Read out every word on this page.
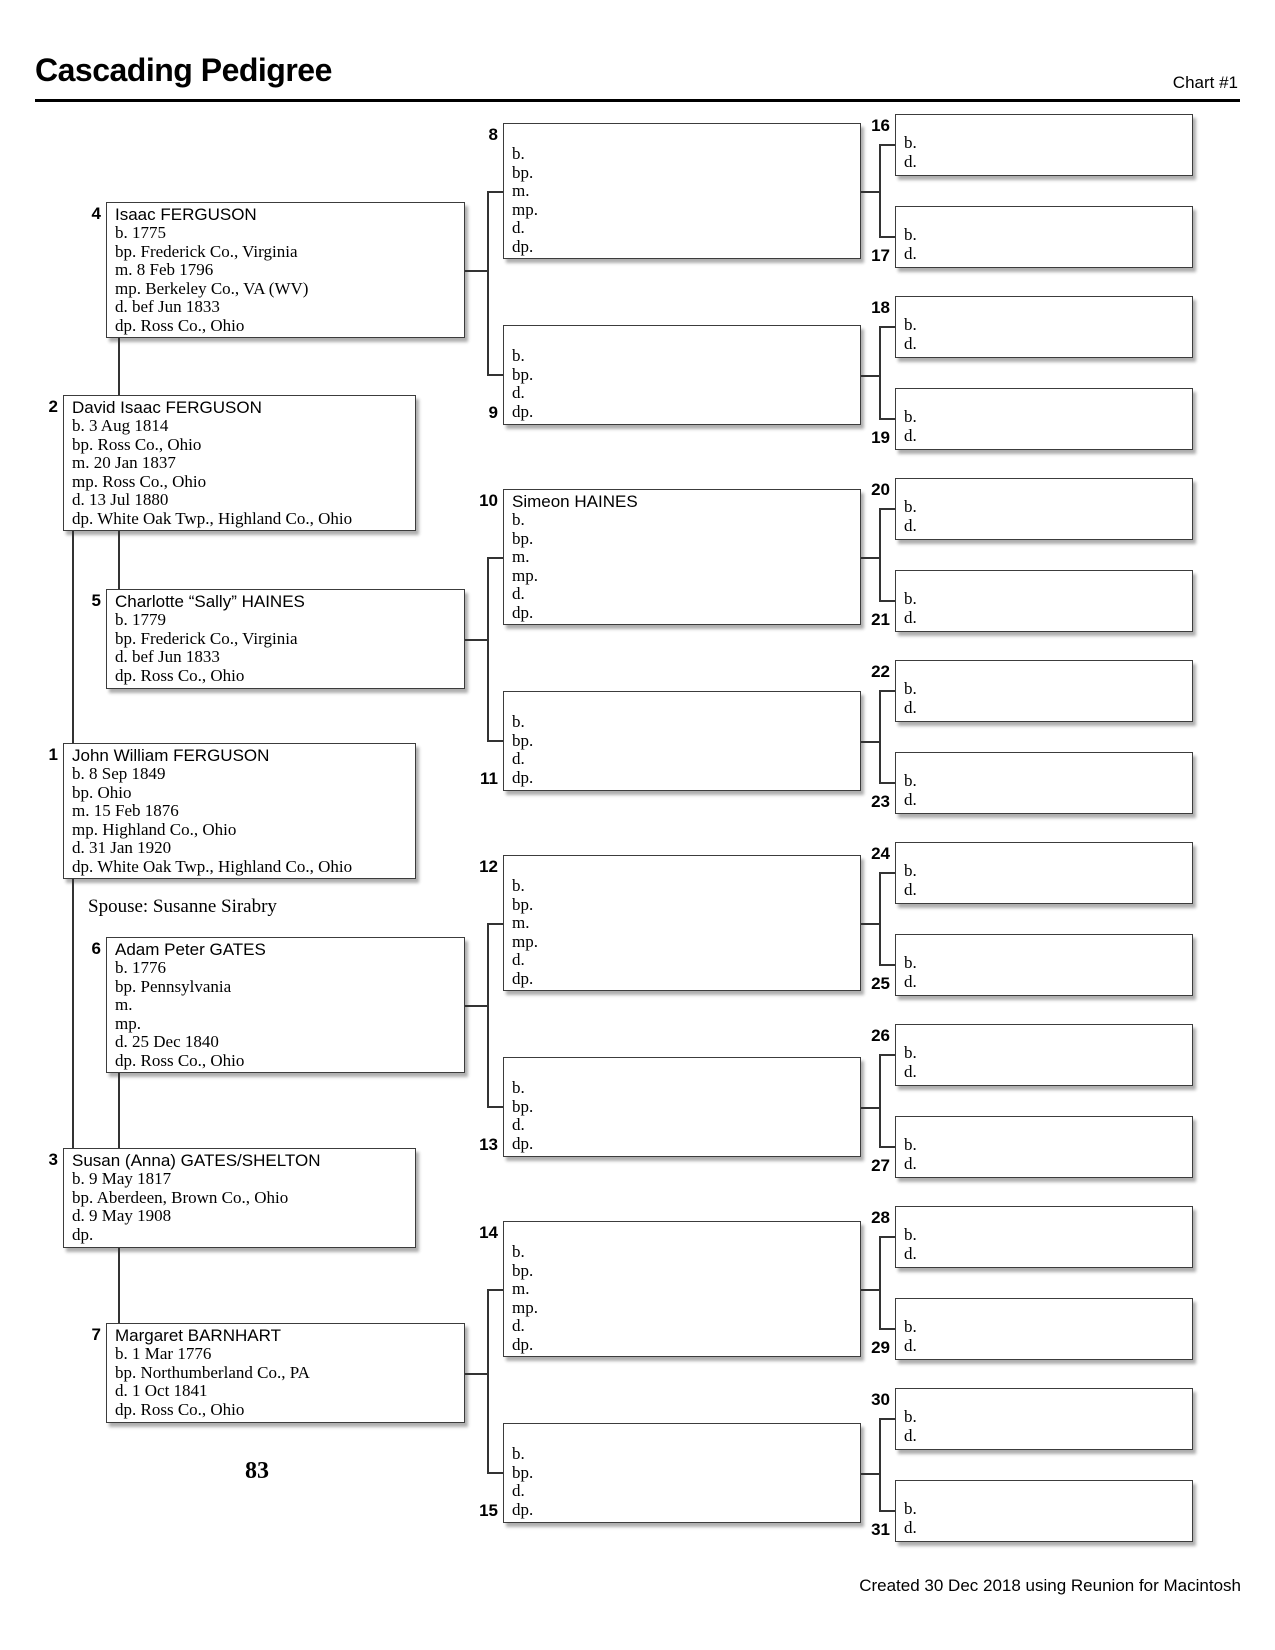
Cascading Pedigree	Chart #1
John William FERGUSON
b. 8 Sep 1849
bp. Ohio
m. 15 Feb 1876
mp. Highland Co., Ohio
d. 31 Jan 1920
dp. White Oak Twp., Highland Co., Ohio
1
David Isaac FERGUSON
b. 3 Aug 1814
bp. Ross Co., Ohio
m. 20 Jan 1837
mp. Ross Co., Ohio
d. 13 Jul 1880
dp. White Oak Twp., Highland Co., Ohio
2
Susan (Anna) GATES/SHELTON
b. 9 May 1817
bp. Aberdeen, Brown Co., Ohio
d. 9 May 1908
dp.
3
Isaac FERGUSON
b. 1775
bp. Frederick Co., Virginia
m. 8 Feb 1796
mp. Berkeley Co., VA (WV)
d. bef Jun 1833
dp. Ross Co., Ohio
4
Charlotte “Sally” HAINES
b. 1779
bp. Frederick Co., Virginia
d. bef Jun 1833
dp. Ross Co., Ohio
5
Adam Peter GATES
b. 1776
bp. Pennsylvania
m.
mp.
d. 25 Dec 1840
dp. Ross Co., Ohio
6
Margaret BARNHART
b. 1 Mar 1776
bp. Northumberland Co., PA
d. 1 Oct 1841
dp. Ross Co., Ohio
7
b.
bp.
m.
mp.
d.
dp.
8
b.
bp.
d.
dp.
9
Simeon HAINES
b.
bp.
m.
mp.
d.
dp.
10
b.
bp.
d.
dp.
11
b.
bp.
m.
mp.
d.
dp.
12
b.
bp.
d.
dp.
13
b.
bp.
m.
mp.
d.
dp.
14
b.
bp.
d.
dp.
15
b.
d.
16
b.
d.
17
b.
d.
18
b.
d.
19
b.
d.
20
b.
d.
21
b.
d.
22
b.
d.
23
b.
d.
24
b.
d.
25
b.
d.
26
b.
d.
27
b.
d.
28
b.
d.
29
b.
d.
30
b.
d.
31
Spouse: Susanne Sirabry
83
Created 30 Dec 2018 using Reunion for Macintosh
